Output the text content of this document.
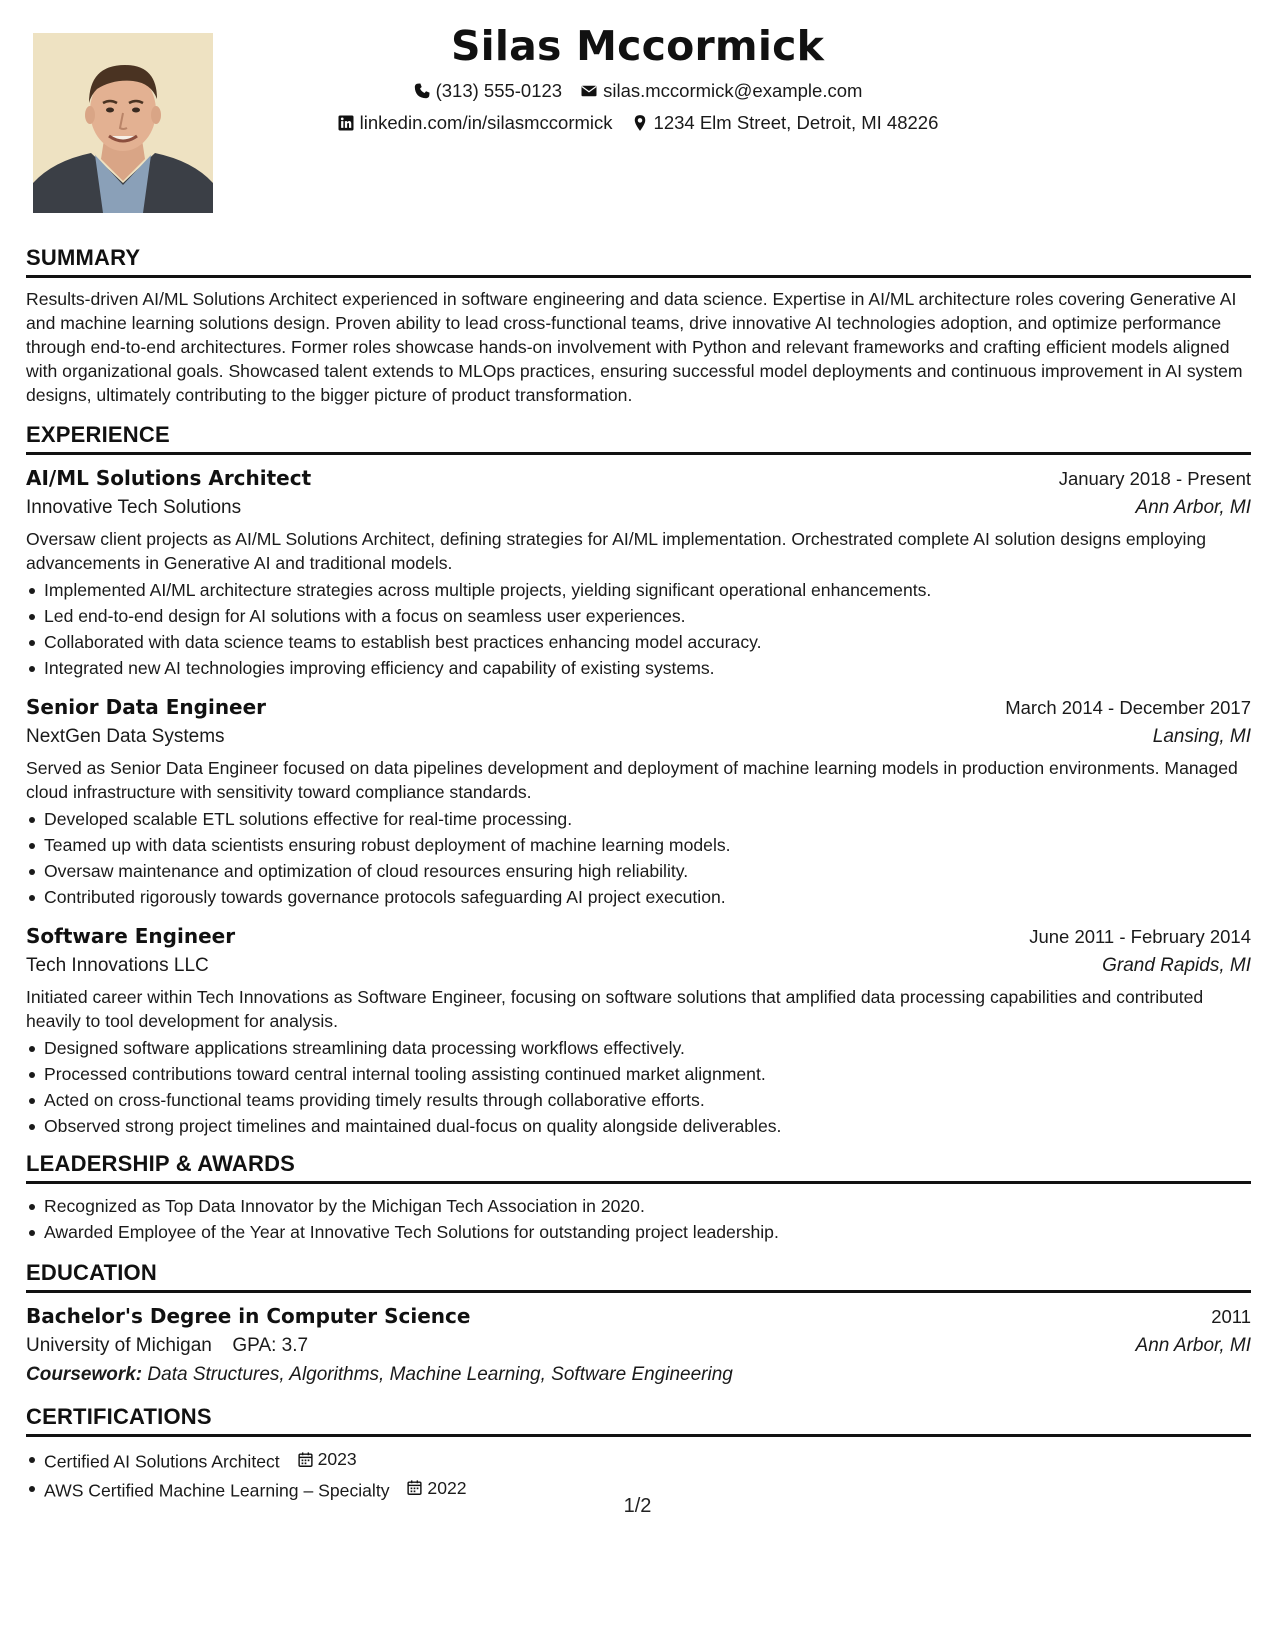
Silas Mccormick
(313) 555-0123 silas.mccormick@example.com
linkedin.com/in/silasmccormick 1234 Elm Street, Detroit, MI 48226
SUMMARY

Results-driven AI/ML Solutions Architect experienced in software engineering and data science. Expertise in AI/ML architecture roles covering Generative AI and machine learning solutions design. Proven ability to lead cross-functional teams, drive innovative AI technologies adoption, and optimize performance through end-to-end architectures. Former roles showcase hands-on involvement with Python and relevant frameworks and crafting efficient models aligned with organizational goals. Showcased talent extends to MLOps practices, ensuring successful model deployments and continuous improvement in AI system designs, ultimately contributing to the bigger picture of product transformation.

EXPERIENCE
AI/ML Solutions Architect	January 2018 - Present
Innovative Tech Solutions	Ann Arbor, MI

Oversaw client projects as AI/ML Solutions Architect, defining strategies for AI/ML implementation. Orchestrated complete AI solution designs employing advancements in Generative AI and traditional models.

Implemented AI/ML architecture strategies across multiple projects, yielding significant operational enhancements.
Led end-to-end design for AI solutions with a focus on seamless user experiences.
Collaborated with data science teams to establish best practices enhancing model accuracy.
Integrated new AI technologies improving efficiency and capability of existing systems.
Senior Data Engineer	March 2014 - December 2017
NextGen Data Systems	Lansing, MI

Served as Senior Data Engineer focused on data pipelines development and deployment of machine learning models in production environments. Managed cloud infrastructure with sensitivity toward compliance standards.

Developed scalable ETL solutions effective for real-time processing.
Teamed up with data scientists ensuring robust deployment of machine learning models.
Oversaw maintenance and optimization of cloud resources ensuring high reliability.
Contributed rigorously towards governance protocols safeguarding AI project execution.
Software Engineer	June 2011 - February 2014
Tech Innovations LLC	Grand Rapids, MI

Initiated career within Tech Innovations as Software Engineer, focusing on software solutions that amplified data processing capabilities and contributed heavily to tool development for analysis.

Designed software applications streamlining data processing workflows effectively.
Processed contributions toward central internal tooling assisting continued market alignment.
Acted on cross-functional teams providing timely results through collaborative efforts.
Observed strong project timelines and maintained dual-focus on quality alongside deliverables.
LEADERSHIP & AWARDS
Recognized as Top Data Innovator by the Michigan Tech Association in 2020.
Awarded Employee of the Year at Innovative Tech Solutions for outstanding project leadership.
EDUCATION
Bachelor's Degree in Computer Science	2011
University of Michigan GPA: 3.7	Ann Arbor, MI
Coursework: Data Structures, Algorithms, Machine Learning, Software Engineering
CERTIFICATIONS
Certified AI Solutions Architect 2023
AWS Certified Machine Learning – Specialty 2022
1/2
